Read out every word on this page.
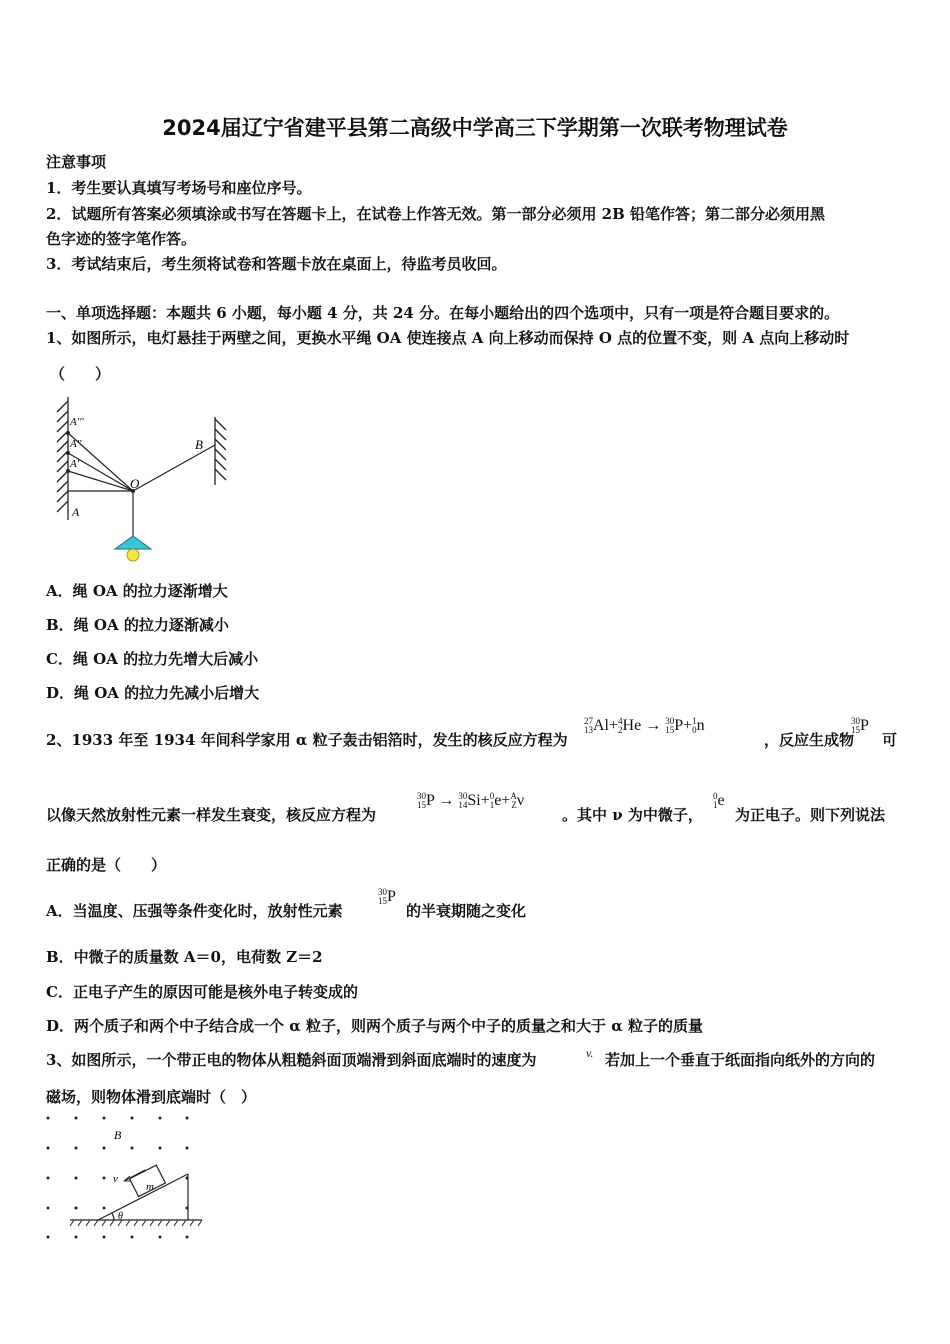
2024届辽宁省建平县第二高级中学高三下学期第一次联考物理试卷
注意事项
1．考生要认真填写考场号和座位序号。
2．试题所有答案必须填涂或书写在答题卡上，在试卷上作答无效。第一部分必须用 2B 铅笔作答；第二部分必须用黑
色字迹的签字笔作答。
3．考试结束后，考生须将试卷和答题卡放在桌面上，待监考员收回。
一、单项选择题：本题共 6 小题，每小题 4 分，共 24 分。在每小题给出的四个选项中，只有一项是符合题目要求的。
1、如图所示，电灯悬挂于两壁之间，更换水平绳 OA 使连接点 A 向上移动而保持 O 点的位置不变，则 A 点向上移动时
（　　）
A'''
A''
A'
A
O
B
A．绳 OA 的拉力逐渐增大
B．绳 OA 的拉力逐渐减小
C．绳 OA 的拉力先增大后减小
D．绳 OA 的拉力先减小后增大
2、1933 年至 1934 年间科学家用 α 粒子轰击铝箔时，发生的核反应方程为
27
13Al+4
2He → 30
15P+1
0n
，反应生成物
30
15P
可
以像天然放射性元素一样发生衰变，核反应方程为
30
15P → 30
14Si+0
1e+A
Zν
。其中 ν 为中微子，
0
1e
为正电子。则下列说法
正确的是（　　）
A．当温度、压强等条件变化时，放射性元素
30
15P
的半衰期随之变化
B．中微子的质量数 A＝0，电荷数 Z＝2
C．正电子产生的原因可能是核外电子转变成的
D．两个质子和两个中子结合成一个 α 粒子，则两个质子与两个中子的质量之和大于 α 粒子的质量
3、如图所示，一个带正电的物体从粗糙斜面顶端滑到斜面底端时的速度为	v. 若加上一个垂直于纸面指向纸外的方向的
磁场，则物体滑到底端时（　）
B
v
m
θ
